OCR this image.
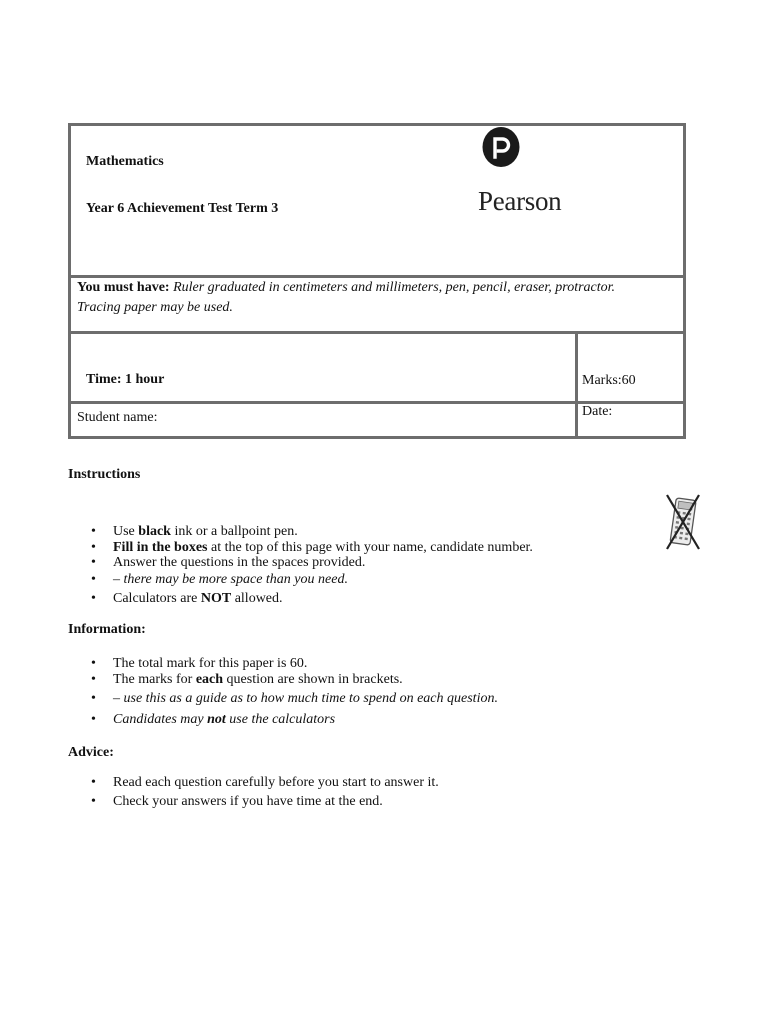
Mathematics
Year 6 Achievement Test Term 3	Pearson
You must have: Ruler graduated in centimeters and millimeters, pen, pencil, eraser, protractor.
Tracing paper may be used.
Time: 1 hour	Marks:60
Student name:	Date:
Instructions
• Use black ink or a ballpoint pen.
• Fill in the boxes at the top of this page with your name, candidate number.
• Answer the questions in the spaces provided.
• – there may be more space than you need.
• Calculators are NOT allowed.
Information:
• The total mark for this paper is 60.
• The marks for each question are shown in brackets.
• – use this as a guide as to how much time to spend on each question.
• Candidates may not use the calculators
Advice:
• Read each question carefully before you start to answer it.
• Check your answers if you have time at the end.
